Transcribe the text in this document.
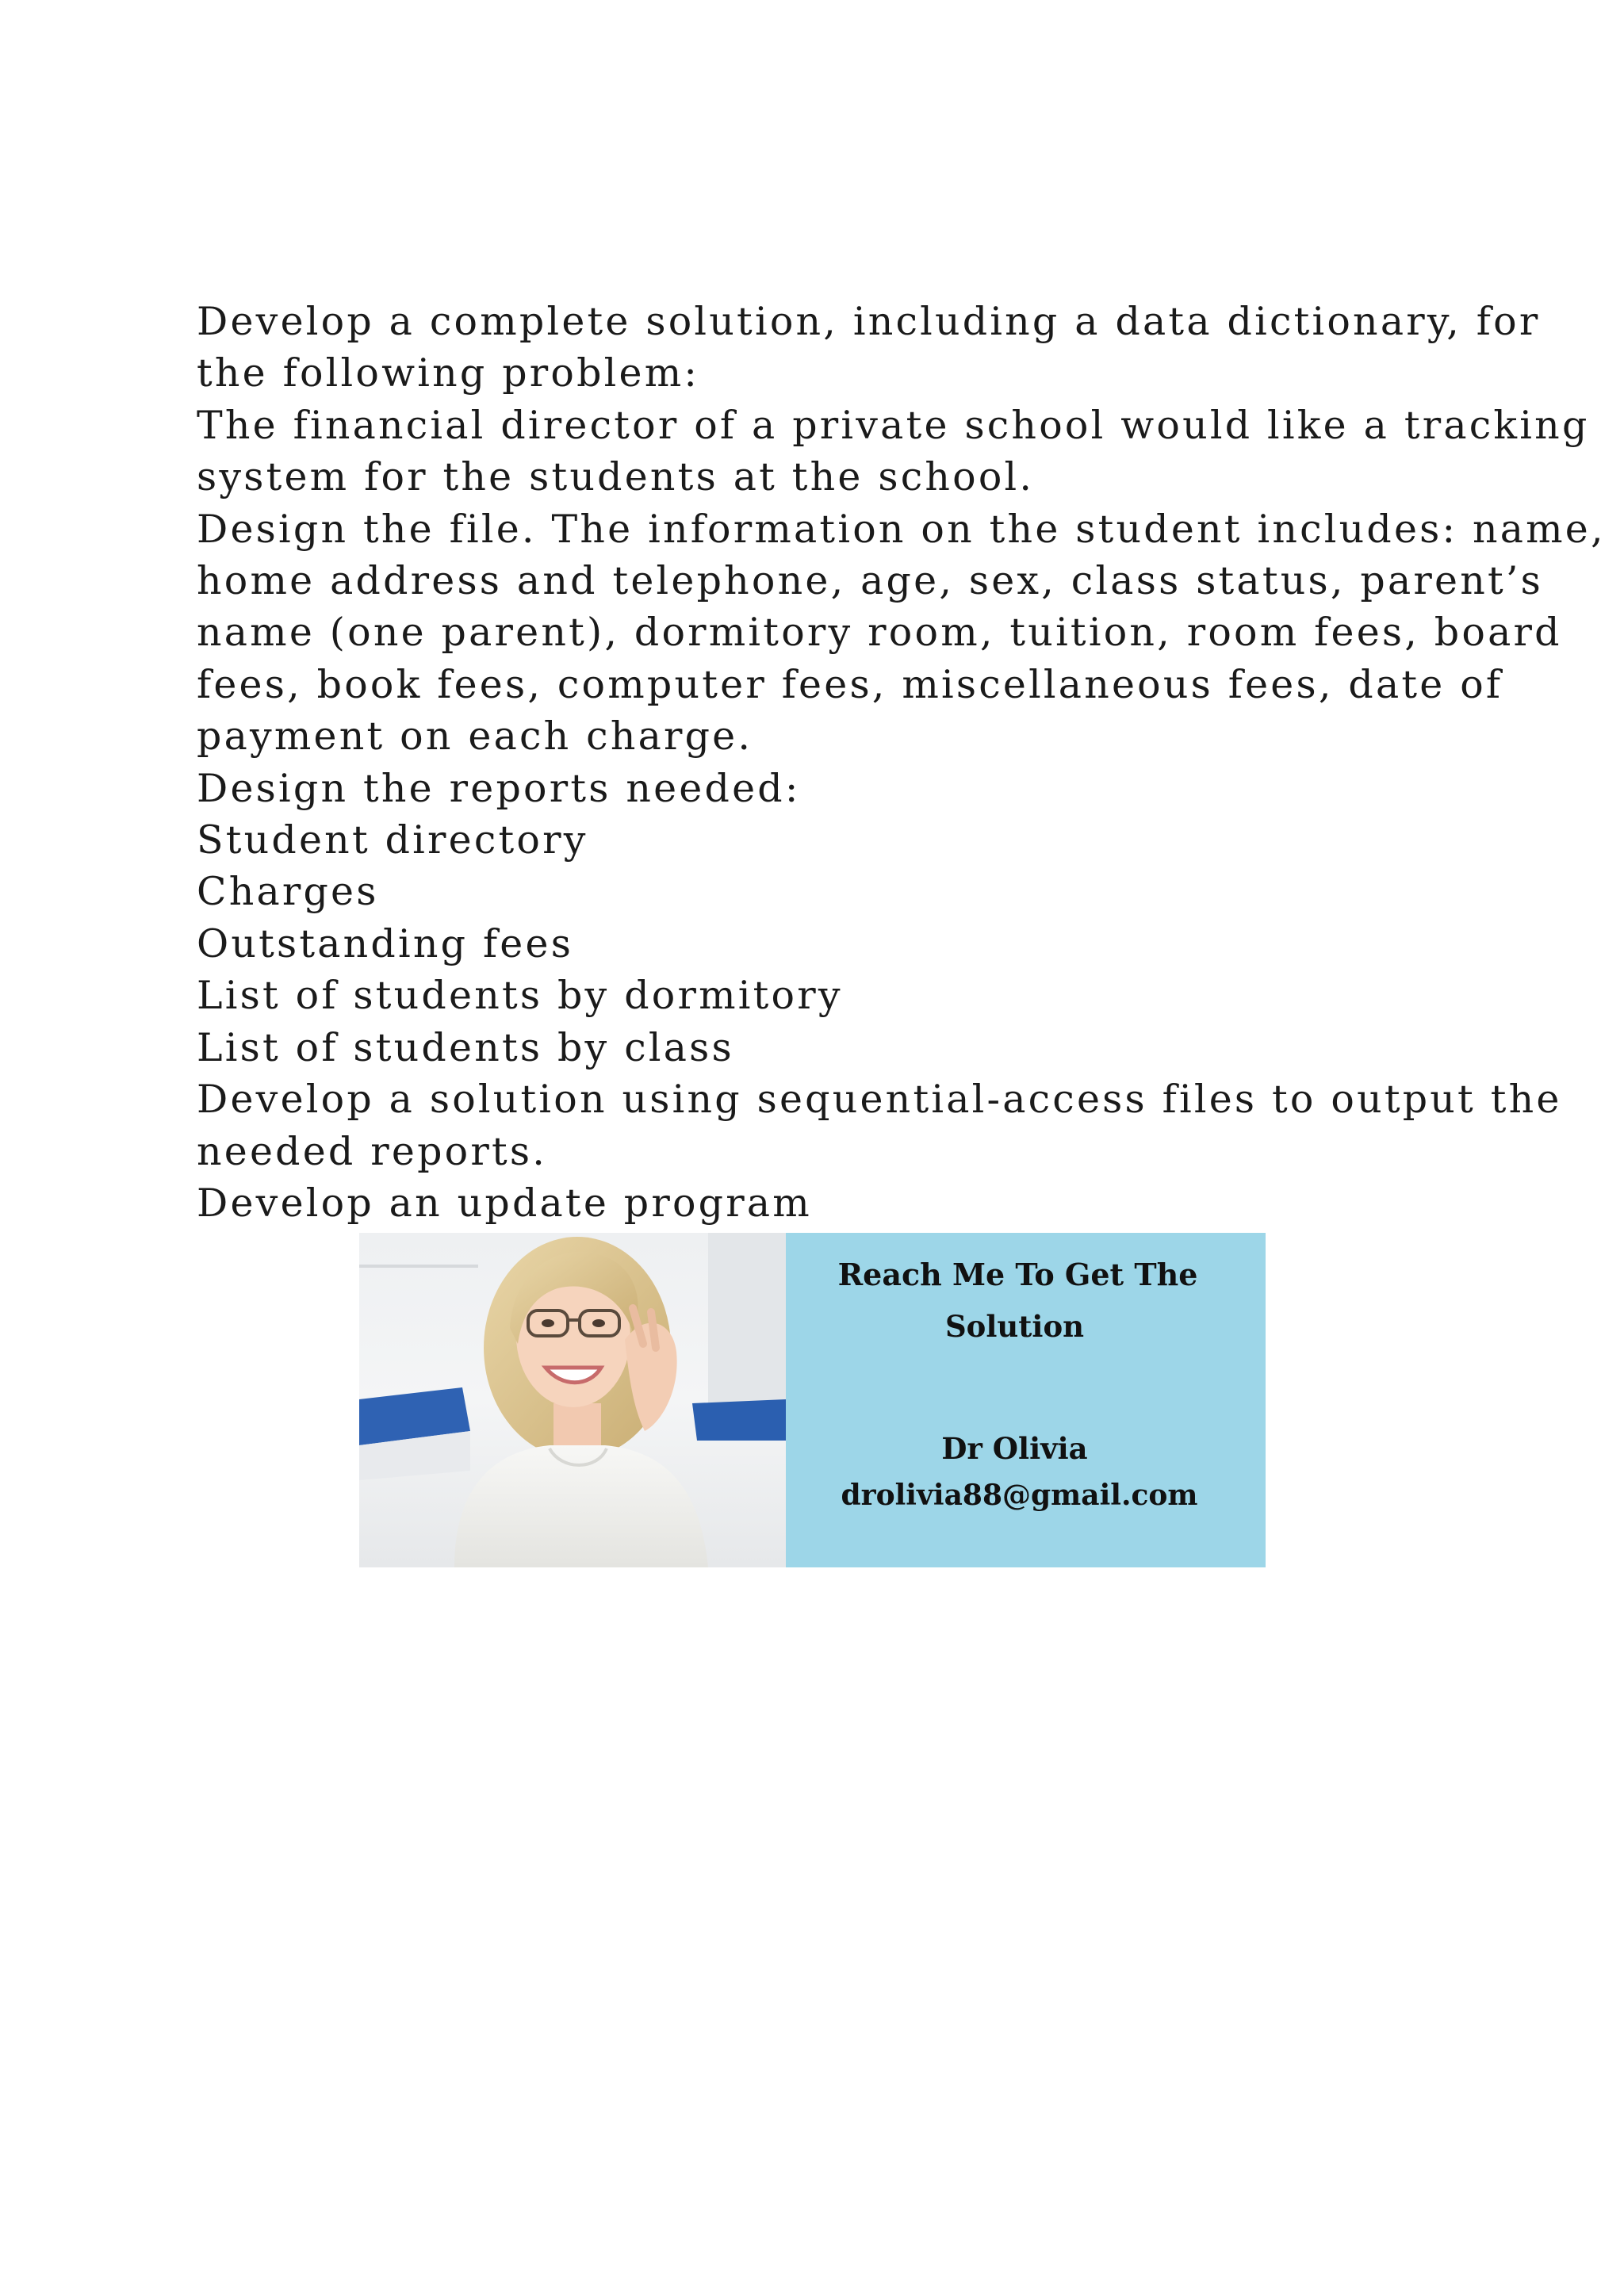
Develop a complete solution, including a data dictionary, for
the following problem:
The financial director of a private school would like a tracking
system for the students at the school.
Design the file. The information on the student includes: name,
home address and telephone, age, sex, class status, parent’s
name (one parent), dormitory room, tuition, room fees, board
fees, book fees, computer fees, miscellaneous fees, date of
payment on each charge.
Design the reports needed:
Student directory
Charges
Outstanding fees
List of students by dormitory
List of students by class
Develop a solution using sequential-access files to output the
needed reports.
Develop an update program
Reach Me To Get The
Solution
Dr Olivia
drolivia88@gmail.com
